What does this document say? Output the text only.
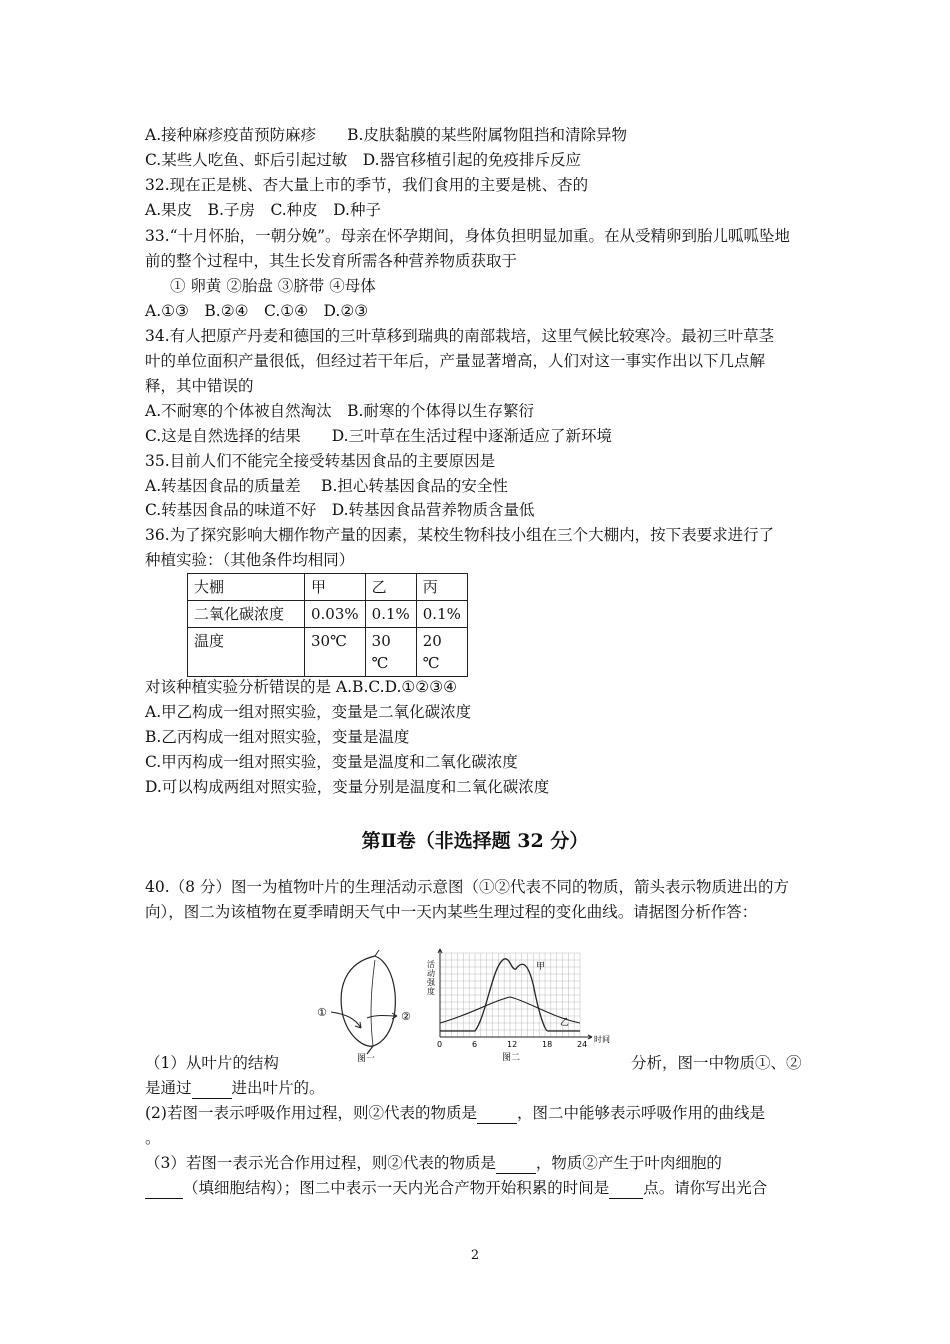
A.接种麻疹疫苗预防麻疹　　B.皮肤黏膜的某些附属物阻挡和清除异物
C.某些人吃鱼、虾后引起过敏　D.器官移植引起的免疫排斥反应
32.现在正是桃、杏大量上市的季节，我们食用的主要是桃、杏的
A.果皮　B.子房　C.种皮　D.种子
33.“十月怀胎，一朝分娩”。母亲在怀孕期间，身体负担明显加重。在从受精卵到胎儿呱呱坠地
前的整个过程中，其生长发育所需各种营养物质获取于
① 卵黄 ②胎盘 ③脐带 ④母体
A.①③　B.②④　C.①④　D.②③
34.有人把原产丹麦和德国的三叶草移到瑞典的南部栽培，这里气候比较寒冷。最初三叶草茎
叶的单位面积产量很低，但经过若干年后，产量显著增高，人们对这一事实作出以下几点解
释，其中错误的
A.不耐寒的个体被自然淘汰　B.耐寒的个体得以生存繁衍
C.这是自然选择的结果　　D.三叶草在生活过程中逐渐适应了新环境
35.目前人们不能完全接受转基因食品的主要原因是
A.转基因食品的质量差　 B.担心转基因食品的安全性
C.转基因食品的味道不好　D.转基因食品营养物质含量低
36.为了探究影响大棚作物产量的因素，某校生物科技小组在三个大棚内，按下表要求进行了
种植实验：（其他条件均相同）
大棚	甲	乙	丙
二氧化碳浓度	0.03%	0.1%	0.1%
温度	30℃	30 ℃	20 ℃
对该种植实验分析错误的是 A.B.C.D.①②③④
A.甲乙构成一组对照实验，变量是二氧化碳浓度
B.乙丙构成一组对照实验，变量是温度
C.甲丙构成一组对照实验，变量是温度和二氧化碳浓度
D.可以构成两组对照实验，变量分别是温度和二氧化碳浓度
第Ⅱ卷（非选择题 32 分）
40.（8 分）图一为植物叶片的生理活动示意图（①②代表不同的物质，箭头表示物质进出的方
向），图二为该植物在夏季晴朗天气中一天内某些生理过程的变化曲线。请据图分析作答：
①	②
图一
活 动 强 度
甲
乙
0	6	12	18	24
时间
图二
（1）从叶片的结构	分析，图一中物质①、②
是通过	进出叶片的。
(2)若图一表示呼吸作用过程，则②代表的物质是	，图二中能够表示呼吸作用的曲线是
。
（3）若图一表示光合作用过程，则②代表的物质是	，物质②产生于叶肉细胞的
（填细胞结构）；图二中表示一天内光合产物开始积累的时间是 点。请你写出光合
2
